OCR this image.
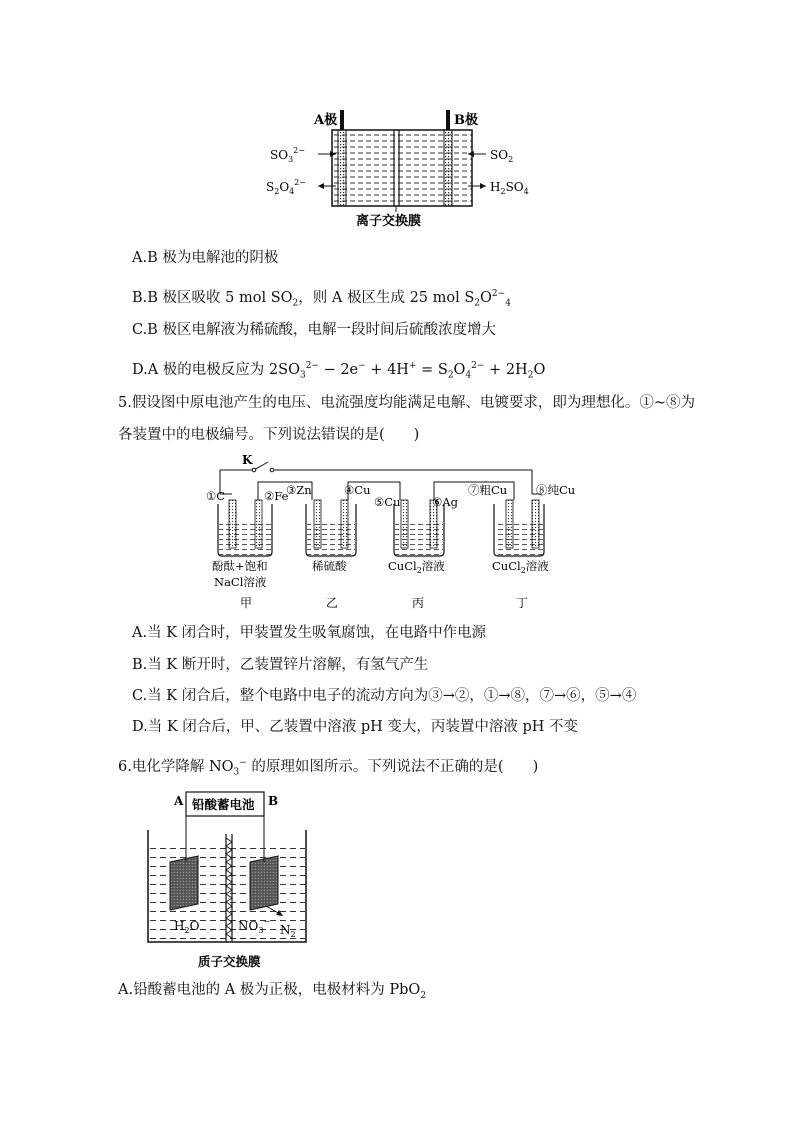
A极	B极
$SO_3^{2-}$
$S_2O_4^{2-}$
$SO_2$
$H_2SO_4$
离子交换膜
A.B 极为电解池的阴极
B.B 极区吸收 5 mol $SO_2$，则 A 极区生成 25 mol $S_2O^{2-}_4$
C.B 极区电解液为稀硫酸，电解一段时间后硫酸浓度增大
D.A 极的电极反应为 $2SO_3^{2-} - 2e^- + 4H^+ = S_2O_4^{2-} + 2H_2O$
5.假设图中原电池产生的电压、电流强度均能满足电解、电镀要求，即为理想化。①~⑧为
各装置中的电极编号。下列说法错误的是(　　)
K
①C	②Fe
③Zn	④Cu
⑤Cu	⑥Ag
⑦粗Cu	⑧纯Cu
酚酞+饱和
NaCl溶液
稀硫酸	CuCl$_2$溶液	CuCl$_2$溶液
甲	乙	丙	丁
A.当 K 闭合时，甲装置发生吸氧腐蚀，在电路中作电源
B.当 K 断开时，乙装置锌片溶解，有氢气产生
C.当 K 闭合后，整个电路中电子的流动方向为③→②，①→⑧，⑦→⑥，⑤→④
D.当 K 闭合后，甲、乙装置中溶液 pH 变大，丙装置中溶液 pH 不变
6.电化学降解 $NO_3^-$ 的原理如图所示。下列说法不正确的是(　　)
A	B
铅酸蓄电池
$H_2O$	$NO_3^-$
$N_2$
质子交换膜
A.铅酸蓄电池的 A 极为正极，电极材料为 PbO$_2$
